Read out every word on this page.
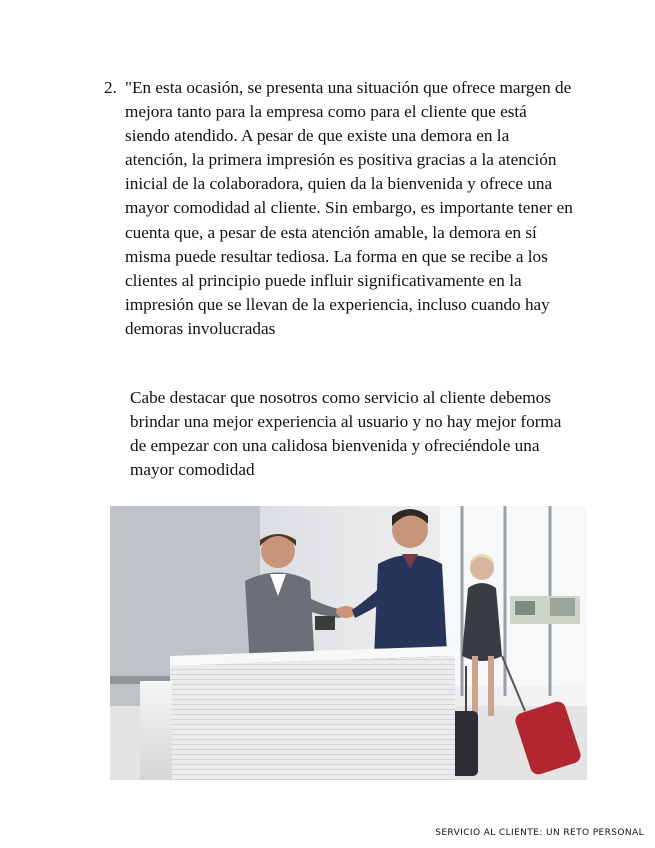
2. "En esta ocasión, se presenta una situación que ofrece margen de mejora tanto para la empresa como para el cliente que está siendo atendido. A pesar de que existe una demora en la atención, la primera impresión es positiva gracias a la atención inicial de la colaboradora, quien da la bienvenida y ofrece una mayor comodidad al cliente. Sin embargo, es importante tener en cuenta que, a pesar de esta atención amable, la demora en sí misma puede resultar tediosa. La forma en que se recibe a los clientes al principio puede influir significativamente en la impresión que se llevan de la experiencia, incluso cuando hay demoras involucradas
Cabe destacar que nosotros como servicio al cliente debemos brindar una mejor experiencia al usuario y no hay mejor forma de empezar con una calidosa bienvenida y ofreciéndole una mayor comodidad
SERVICIO AL CLIENTE: UN RETO PERSONAL
